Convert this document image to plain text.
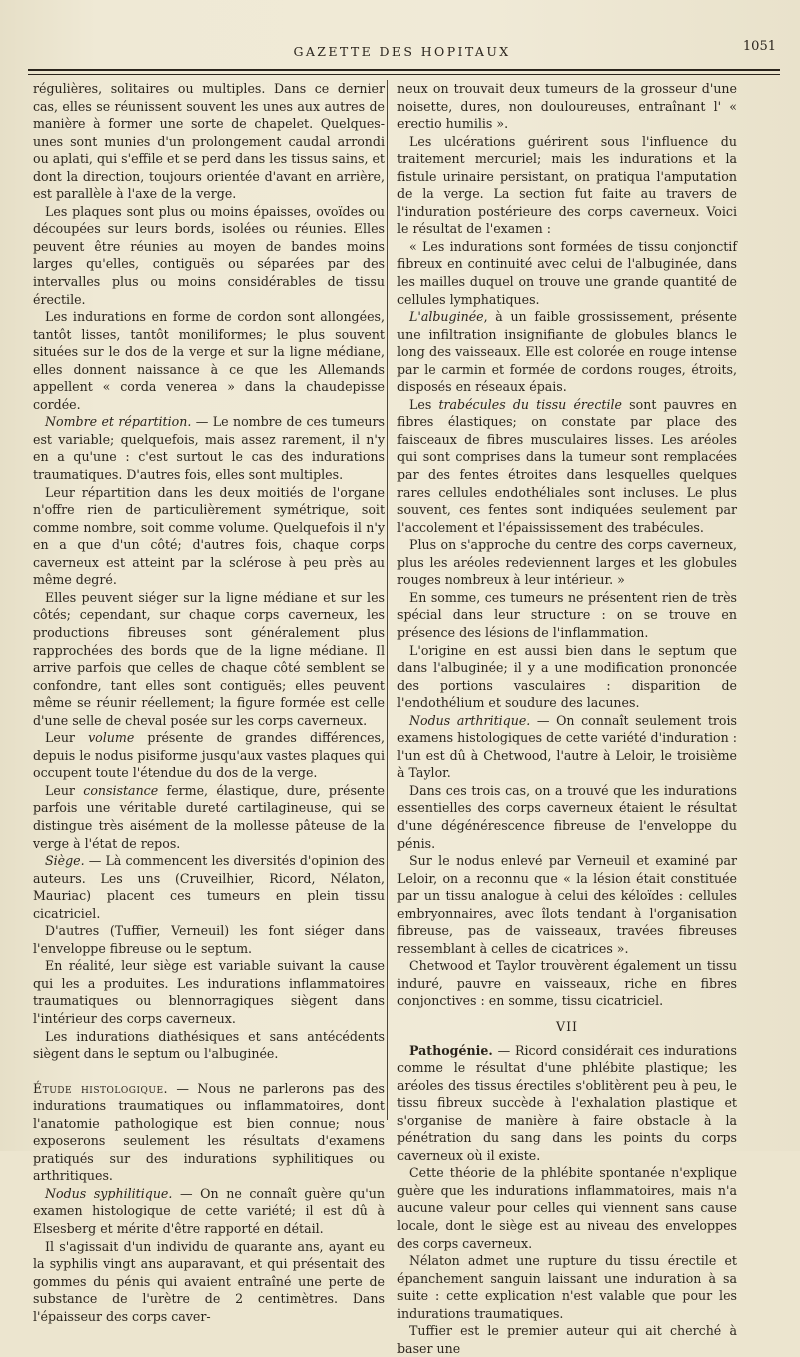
GAZETTE DES HOPITAUX	1051

régulières, solitaires ou multiples. Dans ce dernier cas, elles se réunissent souvent les unes aux autres de manière à former une sorte de chapelet. Quelques-unes sont munies d'un prolongement caudal arrondi ou aplati, qui s'effile et se perd dans les tissus sains, et dont la direction, toujours orientée d'avant en arrière, est parallèle à l'axe de la verge.

Les plaques sont plus ou moins épaisses, ovoïdes ou découpées sur leurs bords, isolées ou réunies. Elles peuvent être réunies au moyen de bandes moins larges qu'elles, contiguës ou séparées par des intervalles plus ou moins considérables de tissu érectile.

Les indurations en forme de cordon sont allongées, tantôt lisses, tantôt moniliformes; le plus souvent situées sur le dos de la verge et sur la ligne médiane, elles donnent naissance à ce que les Allemands appellent « corda venerea » dans la chaudepisse cordée.

Nombre et répartition. — Le nombre de ces tumeurs est variable; quelquefois, mais assez rarement, il n'y en a qu'une : c'est surtout le cas des indurations traumatiques. D'autres fois, elles sont multiples.

Leur répartition dans les deux moitiés de l'organe n'offre rien de particulièrement symétrique, soit comme nombre, soit comme volume. Quelquefois il n'y en a que d'un côté; d'autres fois, chaque corps caverneux est atteint par la sclérose à peu près au même degré.

Elles peuvent siéger sur la ligne médiane et sur les côtés; cependant, sur chaque corps caverneux, les productions fibreuses sont généralement plus rapprochées des bords que de la ligne médiane. Il arrive parfois que celles de chaque côté semblent se confondre, tant elles sont contiguës; elles peuvent même se réunir réellement; la figure formée est celle d'une selle de cheval posée sur les corps caverneux.

Leur volume présente de grandes différences, depuis le nodus pisiforme jusqu'aux vastes plaques qui occupent toute l'étendue du dos de la verge.

Leur consistance ferme, élastique, dure, présente parfois une véritable dureté cartilagineuse, qui se distingue très aisément de la mollesse pâteuse de la verge à l'état de repos.

Siège. — Là commencent les diversités d'opinion des auteurs. Les uns (Cruveilhier, Ricord, Nélaton, Mauriac) placent ces tumeurs en plein tissu cicatriciel.

D'autres (Tuffier, Verneuil) les font siéger dans l'enveloppe fibreuse ou le septum.

En réalité, leur siège est variable suivant la cause qui les a produites. Les indurations inflammatoires traumatiques ou blennorragiques siègent dans l'intérieur des corps caverneux.

Les indurations diathésiques et sans antécédents siègent dans le septum ou l'albuginée.

Étude histologique. — Nous ne parlerons pas des indurations traumatiques ou inflammatoires, dont l'anatomie pathologique est bien connue; nous exposerons seulement les résultats d'examens pratiqués sur des indurations syphilitiques ou arthritiques.

Nodus syphilitique. — On ne connaît guère qu'un examen histologique de cette variété; il est dû à Elsesberg et mérite d'être rapporté en détail.

Il s'agissait d'un individu de quarante ans, ayant eu la syphilis vingt ans auparavant, et qui présentait des gommes du pénis qui avaient entraîné une perte de substance de l'urètre de 2 centimètres. Dans l'épaisseur des corps caver-

neux on trouvait deux tumeurs de la grosseur d'une noisette, dures, non douloureuses, entraînant l' « erectio humilis ».

Les ulcérations guérirent sous l'influence du traitement mercuriel; mais les indurations et la fistule urinaire persistant, on pratiqua l'amputation de la verge. La section fut faite au travers de l'induration postérieure des corps caverneux. Voici le résultat de l'examen :

« Les indurations sont formées de tissu conjonctif fibreux en continuité avec celui de l'albuginée, dans les mailles duquel on trouve une grande quantité de cellules lymphatiques.

L'albuginée, à un faible grossissement, présente une infiltration insignifiante de globules blancs le long des vaisseaux. Elle est colorée en rouge intense par le carmin et formée de cordons rouges, étroits, disposés en réseaux épais.

Les trabécules du tissu érectile sont pauvres en fibres élastiques; on constate par place des faisceaux de fibres musculaires lisses. Les aréoles qui sont comprises dans la tumeur sont remplacées par des fentes étroites dans lesquelles quelques rares cellules endothéliales sont incluses. Le plus souvent, ces fentes sont indiquées seulement par l'accolement et l'épaississement des trabécules.

Plus on s'approche du centre des corps caverneux, plus les aréoles redeviennent larges et les globules rouges nombreux à leur intérieur. »

En somme, ces tumeurs ne présentent rien de très spécial dans leur structure : on se trouve en présence des lésions de l'inflammation.

L'origine en est aussi bien dans le septum que dans l'albuginée; il y a une modification prononcée des portions vasculaires : disparition de l'endothélium et soudure des lacunes.

Nodus arthritique. — On connaît seulement trois examens histologiques de cette variété d'induration : l'un est dû à Chetwood, l'autre à Leloir, le troisième à Taylor.

Dans ces trois cas, on a trouvé que les indurations essentielles des corps caverneux étaient le résultat d'une dégénérescence fibreuse de l'enveloppe du pénis.

Sur le nodus enlevé par Verneuil et examiné par Leloir, on a reconnu que « la lésion était constituée par un tissu analogue à celui des kéloïdes : cellules embryonnaires, avec îlots tendant à l'organisation fibreuse, pas de vaisseaux, travées fibreuses ressemblant à celles de cicatrices ».

Chetwood et Taylor trouvèrent également un tissu induré, pauvre en vaisseaux, riche en fibres conjonctives : en somme, tissu cicatriciel.

VII

Pathogénie. — Ricord considérait ces indurations comme le résultat d'une phlébite plastique; les aréoles des tissus érectiles s'oblitèrent peu à peu, le tissu fibreux succède à l'exhalation plastique et s'organise de manière à faire obstacle à la pénétration du sang dans les points du corps caverneux où il existe.

Cette théorie de la phlébite spontanée n'explique guère que les indurations inflammatoires, mais n'a aucune valeur pour celles qui viennent sans cause locale, dont le siège est au niveau des enveloppes des corps caverneux.

Nélaton admet une rupture du tissu érectile et épanchement sanguin laissant une induration à sa suite : cette explication n'est valable que pour les indurations traumatiques.

Tuffier est le premier auteur qui ait cherché à baser une
